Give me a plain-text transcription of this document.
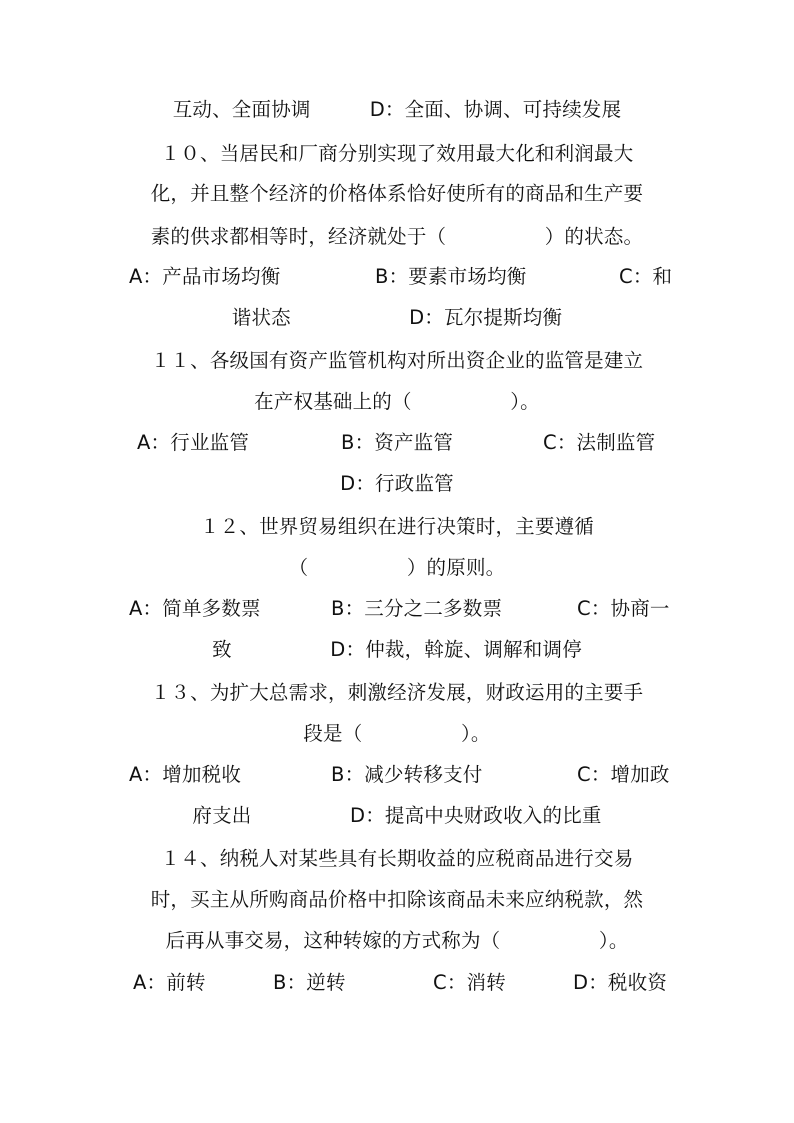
互动、全面协调　　　D：全面、协调、可持续发展
１０、当居民和厂商分别实现了效用最大化和利润最大
化，并且整个经济的价格体系恰好使所有的商品和生产要
素的供求都相等时，经济就处于（　　　　　）的状态。
A：产品市场均衡	B：要素市场均衡	C：和
谐状态　　　　　　D：瓦尔提斯均衡
１１、各级国有资产监管机构对所出资企业的监管是建立
在产权基础上的（　　　　　）。
A：行业监管	B：资产监管	C：法制监管
D：行政监管
１２、世界贸易组织在进行决策时，主要遵循
（　　　　　）的原则。
A：简单多数票	B：三分之二多数票	C：协商一
致　　　　　D：仲裁，斡旋、调解和调停
１３、为扩大总需求，刺激经济发展，财政运用的主要手
段是（　　　　　）。
A：增加税收	B：减少转移支付	C：增加政
府支出　　　　　D：提高中央财政收入的比重
１４、纳税人对某些具有长期收益的应税商品进行交易
时，买主从所购商品价格中扣除该商品未来应纳税款，然
后再从事交易，这种转嫁的方式称为（　　　　　）。
A：前转	B：逆转	C：消转	D：税收资
